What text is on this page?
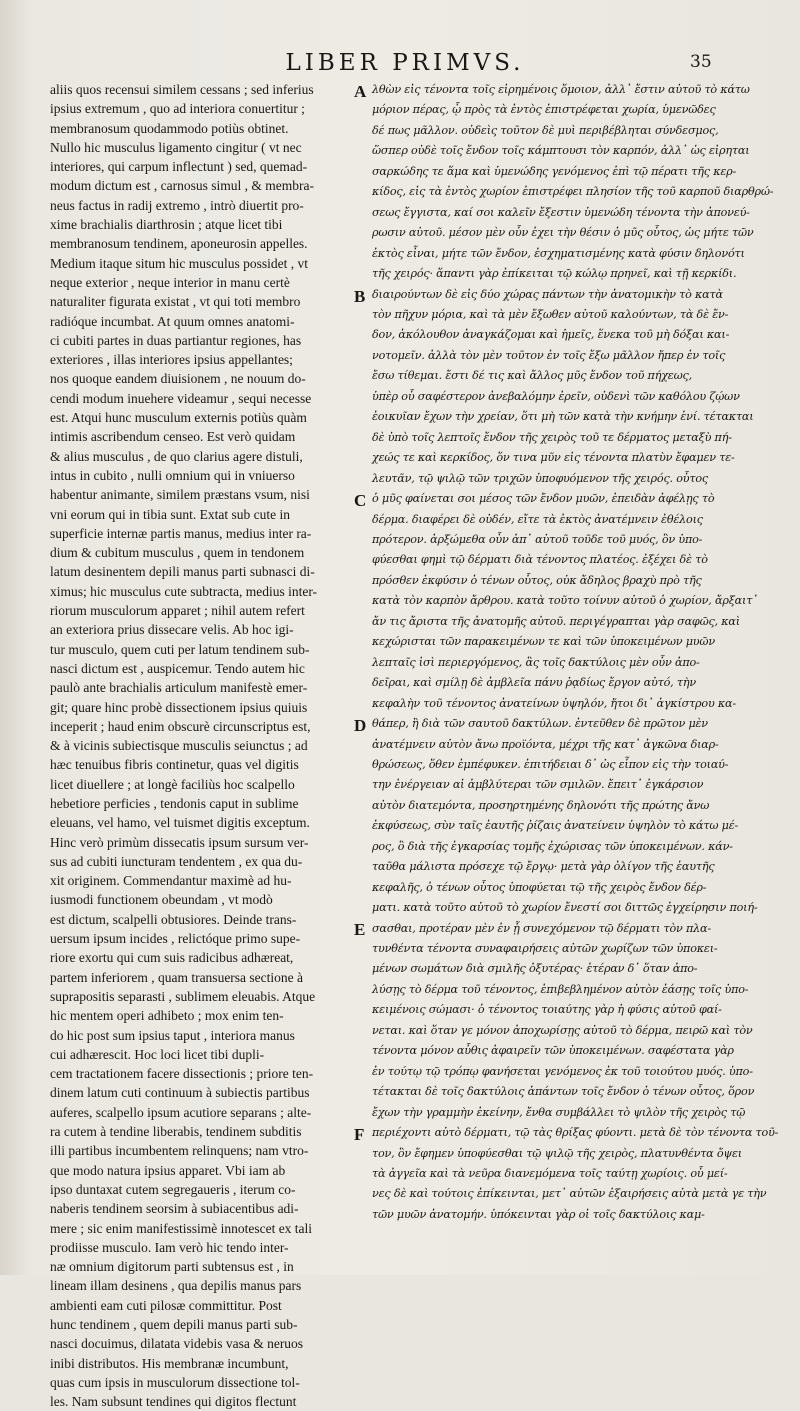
LIBER PRIMVS.	35
aliis quos recensui similem cessans ; sed inferius
ipsius extremum , quo ad interiora conuertitur ;
membranosum quodammodo potiùs obtinet.
Nullo hic musculus ligamento cingitur ( vt nec
interiores, qui carpum inflectunt ) sed, quemad-
modum dictum est , carnosus simul , & membra-
neus factus in radij extremo , intrò diuertit pro-
xime brachialis diarthrosin ; atque licet tibi
membranosum tendinem, aponeurosin appelles.
Medium itaque situm hic musculus possidet , vt
neque exterior , neque interior in manu certè
naturaliter figurata existat , vt qui toti membro
radióque incumbat. At quum omnes anatomi-
ci cubiti partes in duas partiantur regiones, has
exteriores , illas interiores ipsius appellantes;
nos quoque eandem diuisionem , ne nouum do-
cendi modum inuehere videamur , sequi necesse
est. Atqui hunc musculum externis potiùs quàm
intimis ascribendum censeo. Est verò quidam
& alius musculus , de quo clarius agere distuli,
intus in cubito , nulli omnium qui in vniuerso
habentur animante, similem præstans vsum, nisi
vni eorum qui in tibia sunt. Extat sub cute in
superficie internæ partis manus, medius inter ra-
dium & cubitum musculus , quem in tendonem
latum desinentem depili manus parti subnasci di-
ximus; hic musculus cute subtracta, medius inter-
riorum musculorum apparet ; nihil autem refert
an exteriora prius dissecare velis. Ab hoc igi-
tur musculo, quem cuti per latum tendinem sub-
nasci dictum est , auspicemur. Tendo autem hic
paulò ante brachialis articulum manifestè emer-
git; quare hinc probè dissectionem ipsius quiuis
inceperit ; haud enim obscurè circunscriptus est,
& à vicinis subiectisque musculis seiunctus ; ad
hæc tenuibus fibris continetur, quas vel digitis
licet diuellere ; at longè faciliùs hoc scalpello
hebetiore perficies , tendonis caput in sublime
eleuans, vel hamo, vel tuismet digitis exceptum.
Hinc verò primùm dissecatis ipsum sursum ver-
sus ad cubiti iuncturam tendentem , ex qua du-
xit originem. Commendantur maximè ad hu-
iusmodi functionem obeundam , vt modò
est dictum, scalpelli obtusiores. Deinde trans-
uersum ipsum incides , relictóque primo supe-
riore exortu qui cum suis radicibus adhæreat,
partem inferiorem , quam transuersa sectione à
suprapositis separasti , sublimem eleuabis. Atque
hic mentem operi adhibeto ; mox enim ten-
do hic post sum ipsius taput , interiora manus
cui adhærescit. Hoc loci licet tibi dupli-
cem tractationem facere dissectionis ; priore ten-
dinem latum cuti continuum à subiectis partibus
auferes, scalpello ipsum acutiore separans ; alte-
ra cutem à tendine liberabis, tendinem subditis
illi partibus incumbentem relinquens; nam vtro-
que modo natura ipsius apparet. Vbi iam ab
ipso duntaxat cutem segregaueris , iterum co-
naberis tendinem seorsim à subiacentibus adi-
mere ; sic enim manifestissimè innotescet ex tali
prodiisse musculo. Iam verò hic tendo inter-
næ omnium digitorum parti subtensus est , in
lineam illam desinens , qua depilis manus pars
ambienti eam cuti pilosæ committitur. Post
hunc tendinem , quem depili manus parti sub-
nasci docuimus, dilatata videbis vasa & neruos
inibi distributos. His membranæ incumbunt,
quas cum ipsis in musculorum dissectione tol-
les. Nam subsunt tendines qui digitos flectunt
A
B
C
D
E
F
λθὼν εἰς τένοντα τοῖς εἰρημένοις ὅμοιον, ἀλλ᾽ ἔστιν αὐτοῦ τὸ κάτω
μόριον πέρας, ᾧ πρὸς τὰ ἐντὸς ἐπιστρέφεται χωρία, ὑμενῶδες
δέ πως μᾶλλον. οὐδεὶς τοῦτον δὲ μυὶ περιβέβληται σύνδεσμος,
ὥσπερ οὐδὲ τοῖς ἔνδον τοῖς κάμπτουσι τὸν καρπόν, ἀλλ᾽ ὡς εἰρηται
σαρκώδης τε ἅμα καὶ ὑμενώδης γενόμενος ἐπὶ τῷ πέρατι τῆς κερ-
κίδος, εἰς τὰ ἐντὸς χωρίον ἐπιστρέφει πλησίον τῆς τοῦ καρποῦ διαρθρώ-
σεως ἔγγιστα, καί σοι καλεῖν ἔξεστιν ὑμενώδη τένοντα τὴν ἀπονεύ-
ρωσιν αὐτοῦ. μέσον μὲν οὖν ἐχει τὴν θέσιν ὁ μῦς οὗτος, ὡς μήτε τῶν
ἐκτὸς εἶναι, μήτε τῶν ἔνδον, ἐσχηματισμένης κατὰ φύσιν δηλονότι
τῆς χειρός· ἅπαντι γὰρ ἐπίκειται τῷ κώλῳ πρηνεῖ, καὶ τῇ κερκίδι.
διαιρούντων δὲ εἰς δύο χώρας πάντων τὴν ἀνατομικὴν τὸ κατὰ
τὸν πῆχυν μόρια, καὶ τὰ μὲν ἔξωθεν αὐτοῦ καλούντων, τὰ δὲ ἔν-
δον, ἀκόλουθον ἀναγκάζομαι καὶ ἡμεῖς, ἕνεκα τοῦ μὴ δόξαι και-
νοτομεῖν. ἀλλὰ τὸν μὲν τοῦτον ἐν τοῖς ἔξω μᾶλλον ἤπερ ἐν τοῖς
ἔσω τίθεμαι. ἔστι δέ τις καὶ ἄλλος μῦς ἔνδον τοῦ πήχεως,
ὑπὲρ οὗ σαφέστερον ἀνεβαλόμην ἐρεῖν, οὐδενὶ τῶν καθόλου ζῴων
ἐοικυῖαν ἔχων τὴν χρείαν, ὅτι μὴ τῶν κατὰ τὴν κνήμην ἑνί. τέτακται
δὲ ὑπὸ τοῖς λεπτοῖς ἔνδον τῆς χειρὸς τοῦ τε δέρματος μεταξὺ πή-
χεώς τε καὶ κερκίδος, ὅν τινα μῦν εἰς τένοντα πλατὺν ἔφαμεν τε-
λευτᾶν, τῷ ψιλῷ τῶν τριχῶν ὑποφυόμενον τῆς χειρός. οὗτος
ὁ μῦς φαίνεται σοι μέσος τῶν ἔνδον μυῶν, ἐπειδὰν ἀφέλῃς τὸ
δέρμα. διαφέρει δὲ οὐδέν, εἴτε τὰ ἐκτὸς ἀνατέμνειν ἐθέλοις
πρότερον. ἀρξώμεθα οὖν ἀπ᾽ αὐτοῦ τοῦδε τοῦ μυός, ὃν ὑπο-
φύεσθαι φημὶ τῷ δέρματι διὰ τένοντος πλατέος. ἐξέχει δὲ τὸ
πρόσθεν ἐκφύσιν ὁ τένων οὗτος, οὐκ ἄδηλος βραχὺ πρὸ τῆς
κατὰ τὸν καρπὸν ἄρθρου. κατὰ τοῦτο τοίνυν αὐτοῦ ὁ χωρίον, ἄρξαιτ᾽
ἄν τις ἄριστα τῆς ἀνατομῆς αὐτοῦ. περιγέγραπται γὰρ σαφῶς, καὶ
κεχώρισται τῶν παρακειμένων τε καὶ τῶν ὑποκειμένων μυῶν
λεπταῖς ἰσὶ περιεργόμενος, ἃς τοῖς δακτύλοις μὲν οὖν ἀπο-
δεῖραι, καὶ σμίλῃ δὲ ἀμβλεῖα πάνυ ῥᾳδίως ἔργον αὐτό, τὴν
κεφαλὴν τοῦ τένοντος ἀνατείνων ὑψηλόν, ἤτοι δι᾽ ἀγκίστρου κα-
θάπερ, ἢ διὰ τῶν σαυτοῦ δακτύλων. ἐντεῦθεν δὲ πρῶτον μὲν
ἀνατέμνειν αὐτὸν ἄνω προϊόντα, μέχρι τῆς κατ᾽ ἀγκῶνα διαρ-
θρώσεως, ὅθεν ἐμπέφυκεν. ἐπιτήδειαι δ᾽ ὡς εἶπον εἰς τὴν τοιαύ-
την ἐνέργειαν αἱ ἀμβλύτεραι τῶν σμιλῶν. ἔπειτ᾽ ἐγκάρσιον
αὐτὸν διατεμόντα, προσηρτημένης δηλονότι τῆς πρώτης ἄνω
ἐκφύσεως, σὺν ταῖς ἑαυτῆς ῥίζαις ἀνατείνειν ὑψηλὸν τὸ κάτω μέ-
ρος, ὃ διὰ τῆς ἐγκαρσίας τομῆς ἐχώρισας τῶν ὑποκειμένων. κάν-
ταῦθα μάλιστα πρόσεχε τῷ ἔργῳ· μετὰ γὰρ ὀλίγον τῆς ἑαυτῆς
κεφαλῆς, ὁ τένων οὗτος ὑποφύεται τῷ τῆς χειρὸς ἔνδον δέρ-
ματι. κατὰ τοῦτο αὐτοῦ τὸ χωρίον ἔνεστί σοι διττῶς ἐγχείρησιν ποιή-
σασθαι, προτέραν μὲν ἐν ᾗ συνεχόμενον τῷ δέρματι τὸν πλα-
τυνθέντα τένοντα συναφαιρήσεις αὐτῶν χωρίζων τῶν ὑποκει-
μένων σωμάτων διὰ σμιλῆς ὀξυτέρας· ἑτέραν δ᾽ ὅταν ἀπο-
λύσῃς τὸ δέρμα τοῦ τένοντος, ἐπιβεβλημένον αὐτὸν ἐάσῃς τοῖς ὑπο-
κειμένοις σώμασι· ὁ τένοντος τοιαύτης γὰρ ἡ φύσις αὐτοῦ φαί-
νεται. καὶ ὅταν γε μόνον ἀποχωρίσῃς αὐτοῦ τὸ δέρμα, πειρῶ καὶ τὸν
τένοντα μόνον αὖθις ἀφαιρεῖν τῶν ὑποκειμένων. σαφέστατα γὰρ
ἐν τούτῳ τῷ τρόπῳ φανήσεται γενόμενος ἐκ τοῦ τοιούτου μυός. ὑπο-
τέτακται δὲ τοῖς δακτύλοις ἁπάντων τοῖς ἔνδον ὁ τένων οὗτος, ὅρον
ἔχων τὴν γραμμὴν ἐκείνην, ἔνθα συμβάλλει τὸ ψιλὸν τῆς χειρὸς τῷ
περιέχοντι αὐτὸ δέρματι, τῷ τὰς θρίξας φύοντι. μετὰ δὲ τὸν τένοντα τοῦ-
τον, ὃν ἔφημεν ὑποφύεσθαι τῷ ψιλῷ τῆς χειρὸς, πλατυνθέντα ὄψει
τὰ ἀγγεῖα καὶ τὰ νεῦρα διανεμόμενα τοῖς ταύτῃ χωρίοις. οὗ μεί-
νες δὲ καὶ τούτοις ἐπίκεινται, μετ᾽ αὐτῶν ἐξαιρήσεις αὐτὰ μετὰ γε τὴν
τῶν μυῶν ἀνατομήν. ὑπόκεινται γὰρ οἱ τοῖς δακτύλοις καμ-
